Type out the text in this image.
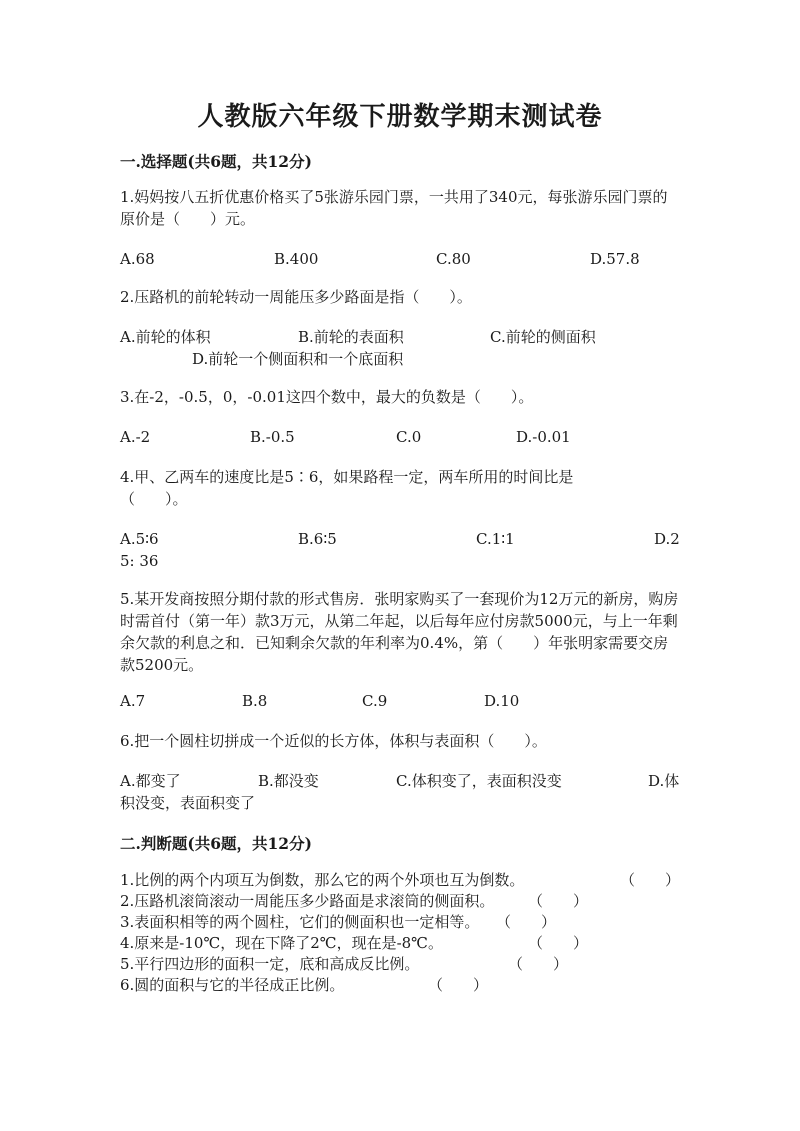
人教版六年级下册数学期末测试卷
一.选择题(共6题，共12分)
1.妈妈按八五折优惠价格买了5张游乐园门票，一共用了340元，每张游乐园门票的原价是（　　）元。
A.68	B.400	C.80	D.57.8
2.压路机的前轮转动一周能压多少路面是指（　　）。
A.前轮的体积	B.前轮的表面积	C.前轮的侧面积
D.前轮一个侧面积和一个底面积
3.在-2，-0.5，0，-0.01这四个数中，最大的负数是（　　）。
A.-2	B.-0.5	C.0	D.-0.01
4.甲、乙两车的速度比是5∶6，如果路程一定，两车所用的时间比是（　　）。
A.5∶6	B.6∶5	C.1∶1	D.2
5: 36
5.某开发商按照分期付款的形式售房．张明家购买了一套现价为12万元的新房，购房时需首付（第一年）款3万元，从第二年起，以后每年应付房款5000元，与上一年剩余欠款的利息之和．已知剩余欠款的年利率为0.4%，第（　　）年张明家需要交房款5200元。
A.7	B.8	C.9	D.10
6.把一个圆柱切拼成一个近似的长方体，体积与表面积（　　）。
A.都变了	B.都没变	C.体积变了，表面积没变	D.体
积没变，表面积变了
二.判断题(共6题，共12分)
1.比例的两个内项互为倒数，那么它的两个外项也互为倒数。	（　　）
2.压路机滚筒滚动一周能压多少路面是求滚筒的侧面积。 （　　）
3.表面积相等的两个圆柱，它们的侧面积也一定相等。 （　　）
4.原来是-10℃，现在下降了2℃，现在是-8℃。	（　　）
5.平行四边形的面积一定，底和高成反比例。	（　　）
6.圆的面积与它的半径成正比例。	（　　）
